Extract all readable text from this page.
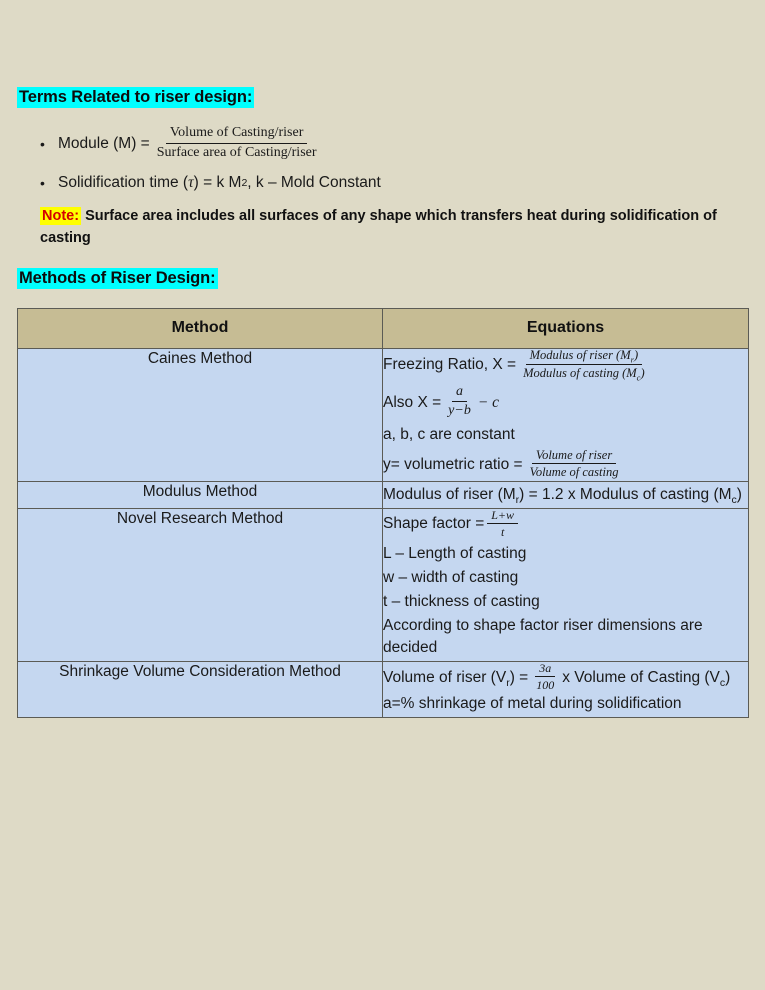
Terms Related to riser design:
• Module $(M) = \frac{\text{Volume of Casting/riser}}{\text{Surface area of Casting/riser}}$
• Solidification time ( τ ) = k M 2 , k – Mold Constant
Note: Surface area includes all surfaces of any shape which transfers heat during solidification of casting
Methods of Riser Design:
Method	Equations
Caines Method	Freezing Ratio, $X = \frac{Modulus of riser (M_r)}{Modulus of casting (M_c)}$
Also $X = \frac{a}{y-b} - c$
a, b, c are constant
y= volumetric ratio = $\frac{\text{Volume of riser}}{\text{Volume of casting}}$

Modulus Method	Modulus of riser $(M_r) = 1.2$ x Modulus of casting $(M_c)$

Novel Research Method	Shape factor = $\frac{L+w}{t}$
L – Length of casting
w – width of casting
t – thickness of casting
According to shape factor riser dimensions are decided

Shrinkage Volume Consideration Method	Volume of riser $(V_r) = \frac{3a}{100}$ x Volume of Casting $(V_c)$
a=% shrinkage of metal during solidification
